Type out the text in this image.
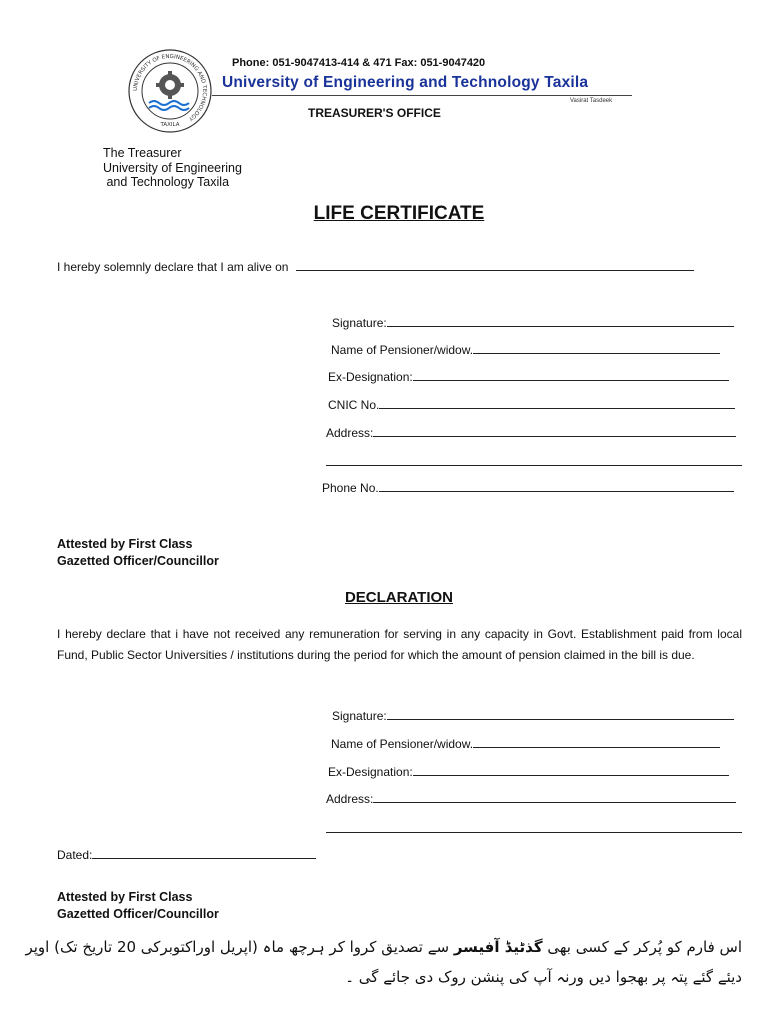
UNIVERSITY OF ENGINEERING AND TECHNOLOGY
TAXILA
Phone: 051-9047413-414 & 471 Fax: 051-9047420
University of Engineering and Technology Taxila
Vasirat Tasdeek
TREASURER'S OFFICE
The Treasurer
University of Engineering
and Technology Taxila
LIFE CERTIFICATE
I hereby solemnly declare that I am alive on
Signature:
Name of Pensioner/widow.
Ex-Designation:
CNIC No.
Address:
Phone No.
Attested by First Class
Gazetted Officer/Councillor
DECLARATION
I hereby declare that i have not received any remuneration for serving in any capacity in Govt. Establishment paid from local Fund, Public Sector Universities / institutions during the period for which the amount of pension claimed in the bill is due.
Signature:
Name of Pensioner/widow.
Ex-Designation:
Address:
Dated:
Attested by First Class
Gazetted Officer/Councillor
اس فارم کو پُرکر کے کسی بھی گذٹیڈ آفیسر سے تصدیق کروا کر ہرچھ ماہ (اپریل اوراکتوبرکی 20 تاریخ تک) اوپر دیئے گئے پتہ پر بھجوا دیں ورنہ آپ کی پنشن روک دی جائے گی ۔
